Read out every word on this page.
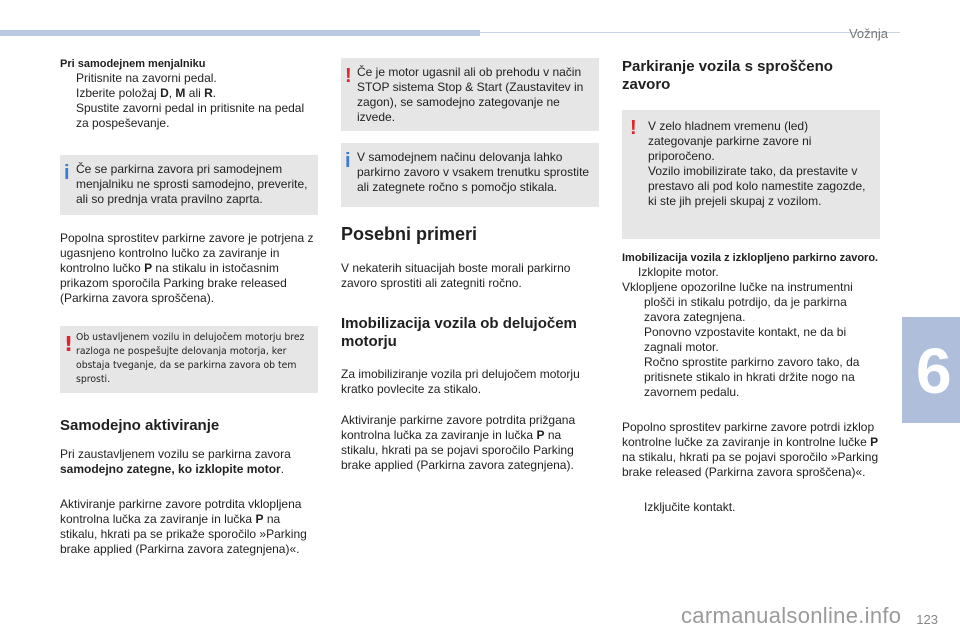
Vožnja
6
Pri samodejnem menjalniku

Pritisnite na zavorni pedal.

Izberite položaj D, M ali R.

Spustite zavorni pedal in pritisnite na pedal za pospeševanje.

i Če se parkirna zavora pri samodejnem menjalniku ne sprosti samodejno, preverite, ali so prednja vrata pravilno zaprta.

Popolna sprostitev parkirne zavore je potrjena z ugasnjeno kontrolno lučko za zaviranje in kontrolno lučko P na stikalu in istočasnim prikazom sporočila Parking brake released (Parkirna zavora sproščena).

! Ob ustavljenem vozilu in delujočem motorju brez razloga ne pospešujte delovanja motorja, ker obstaja tveganje, da se parkirna zavora ob tem sprosti.

Samodejno aktiviranje

Pri zaustavljenem vozilu se parkirna zavora samodejno zategne, ko izklopite motor.

Aktiviranje parkirne zavore potrdita vklopljena kontrolna lučka za zaviranje in lučka P na stikalu, hkrati pa se prikaže sporočilo »Parking brake applied (Parkirna zavora zategnjena)«.

! Če je motor ugasnil ali ob prehodu v način STOP sistema Stop & Start (Zaustavitev in zagon), se samodejno zategovanje ne izvede.

i V samodejnem načinu delovanja lahko parkirno zavoro v vsakem trenutku sprostite ali zategnete ročno s pomočjo stikala.

Posebni primeri

V nekaterih situacijah boste morali parkirno zavoro sprostiti ali zategniti ročno.

Imobilizacija vozila ob delujočem motorju

Za imobiliziranje vozila pri delujočem motorju kratko povlecite za stikalo.

Aktiviranje parkirne zavore potrdita prižgana kontrolna lučka za zaviranje in lučka P na stikalu, hkrati pa se pojavi sporočilo Parking brake applied (Parkirna zavora zategnjena).

Parkiranje vozila s sproščeno zavoro
! V zelo hladnem vremenu (led) zategovanje parkirne zavore ni priporočeno.
Vozilo imobilizirate tako, da prestavite v prestavo ali pod kolo namestite zagozde, ki ste jih prejeli skupaj z vozilom.

Imobilizacija vozila z izklopljeno parkirno zavoro.

Izklopite motor.

Vklopljene opozorilne lučke na instrumentni plošči in stikalu potrdijo, da je parkirna zavora zategnjena.

Ponovno vzpostavite kontakt, ne da bi zagnali motor.

Ročno sprostite parkirno zavoro tako, da pritisnete stikalo in hkrati držite nogo na zavornem pedalu.

Popolno sprostitev parkirne zavore potrdi izklop kontrolne lučke za zaviranje in kontrolne lučke P na stikalu, hkrati pa se pojavi sporočilo »Parking brake released (Parkirna zavora sproščena)«.

Izključite kontakt.

carmanualsonline.info 123
